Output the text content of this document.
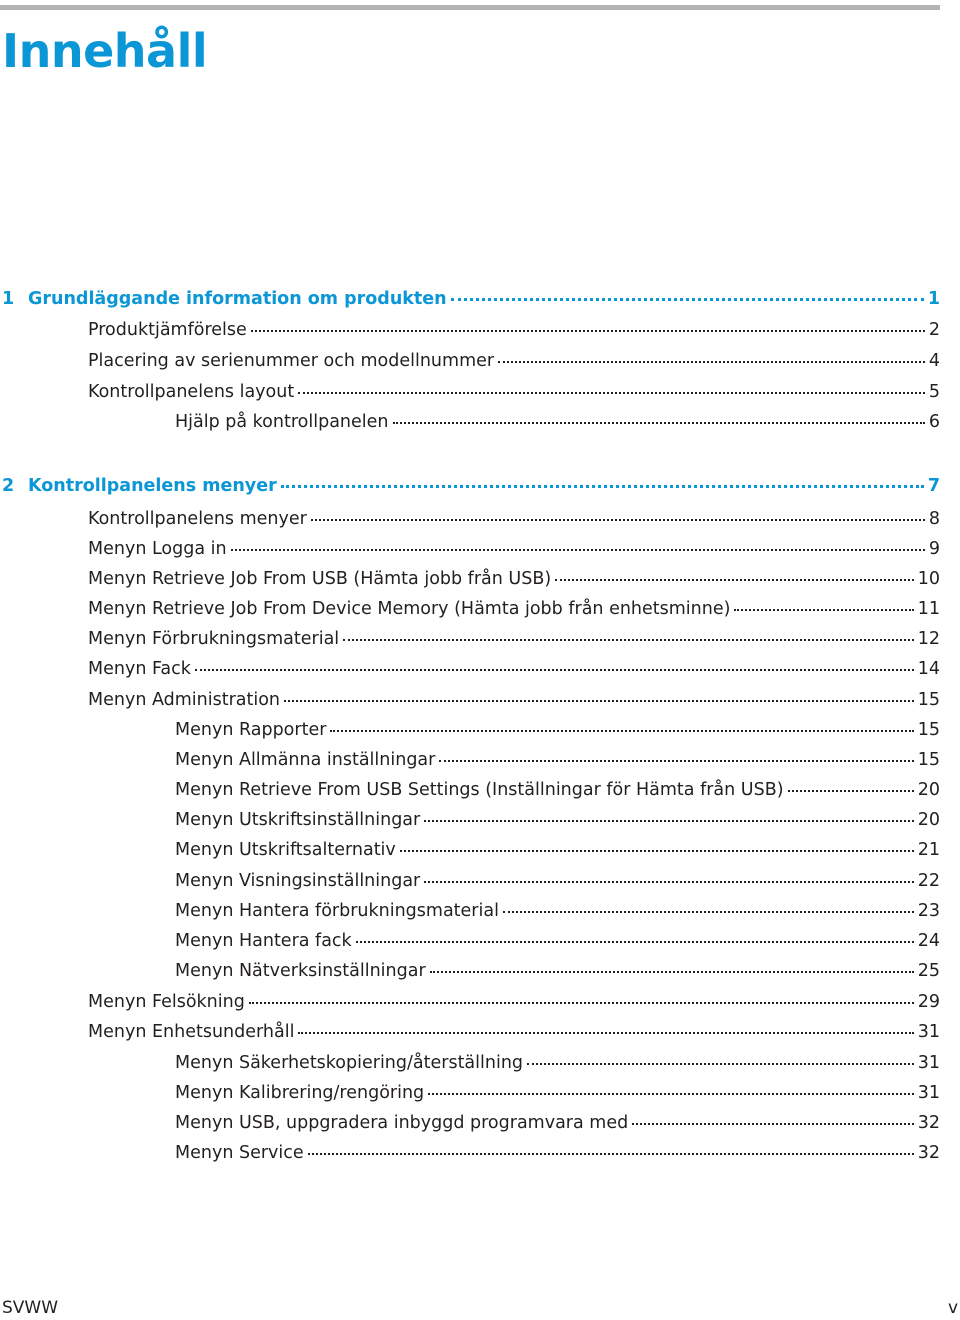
Innehåll
1 Grundläggande information om produkten	1
Produktjämförelse	2
Placering av serienummer och modellnummer	4
Kontrollpanelens layout	5
Hjälp på kontrollpanelen	6
2 Kontrollpanelens menyer	7
Kontrollpanelens menyer	8
Menyn Logga in	9
Menyn Retrieve Job From USB (Hämta jobb från USB)	10
Menyn Retrieve Job From Device Memory (Hämta jobb från enhetsminne)	11
Menyn Förbrukningsmaterial	12
Menyn Fack	14
Menyn Administration	15
Menyn Rapporter	15
Menyn Allmänna inställningar	15
Menyn Retrieve From USB Settings (Inställningar för Hämta från USB)	20
Menyn Utskriftsinställningar	20
Menyn Utskriftsalternativ	21
Menyn Visningsinställningar	22
Menyn Hantera förbrukningsmaterial	23
Menyn Hantera fack	24
Menyn Nätverksinställningar	25
Menyn Felsökning	29
Menyn Enhetsunderhåll	31
Menyn Säkerhetskopiering/återställning	31
Menyn Kalibrering/rengöring	31
Menyn USB, uppgradera inbyggd programvara med	32
Menyn Service	32
SVWW	v
